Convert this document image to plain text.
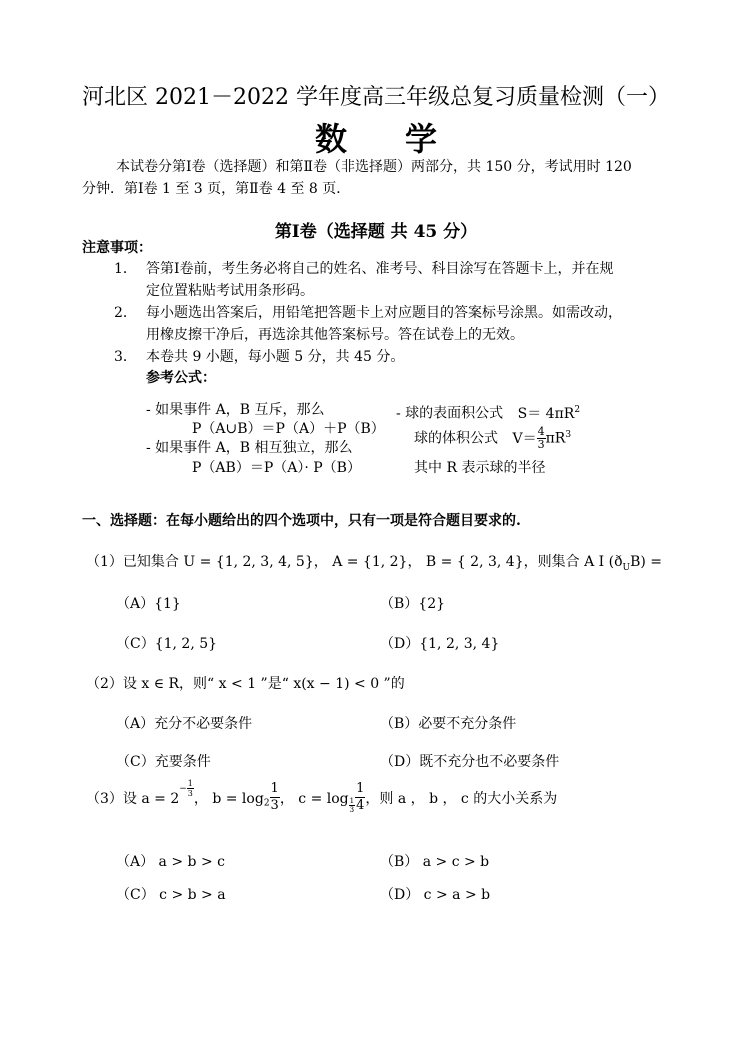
河北区 2021－2022 学年度高三年级总复习质量检测（一）
数学
本试卷分第Ⅰ卷（选择题）和第Ⅱ卷（非选择题）两部分，共 150 分，考试用时 120
分钟．第Ⅰ卷 1 至 3 页，第Ⅱ卷 4 至 8 页．
第Ⅰ卷（选择题 共 45 分）
注意事项：
1． 答第Ⅰ卷前，考生务必将自己的姓名、准考号、科目涂写在答题卡上，并在规
定位置粘贴考试用条形码。
2． 每小题选出答案后，用铅笔把答题卡上对应题目的答案标号涂黑。如需改动，
用橡皮擦干净后，再选涂其他答案标号。答在试卷上的无效。
3． 本卷共 9 小题，每小题 5 分，共 45 分。
参考公式：
- 如果事件 A，B 互斥，那么
P（A∪B）＝P（A）＋P（B）
- 如果事件 A，B 相互独立，那么
P（AB）＝P（A）· P（B）
- 球的表面积公式 $S= 4\pi R^2$
球的体积公式 $V= \frac{4}{3} \pi R^3$
其中 R 表示球的半径
一、选择题：在每小题给出的四个选项中，只有一项是符合题目要求的.
（1）已知集合 U = {1, 2, 3, 4, 5}， A = {1, 2}， B = { 2, 3, 4}，则集合 A I $(ð_UB)$ =
（A）{1}	（B）{2}
（C）{1, 2, 5}	（D）{1, 2, 3, 4}
（2）设 x ∈ R，则“ x < 1 ”是“ x(x − 1) < 0 ”的
（A）充分不必要条件	（B）必要不充分条件
（C）充要条件	（D）既不充分也不必要条件
（3）设 $a = 2- \frac{1}{3}$
， $b = \log_2 \frac{1}{3}$ ， $c = \log \frac{1}{3} \frac{1}{4}$ ，则 a ， b ， c 的大小关系为
（A） a > b > c	（B） a > c > b
（C） c > b > a	（D） c > a > b
